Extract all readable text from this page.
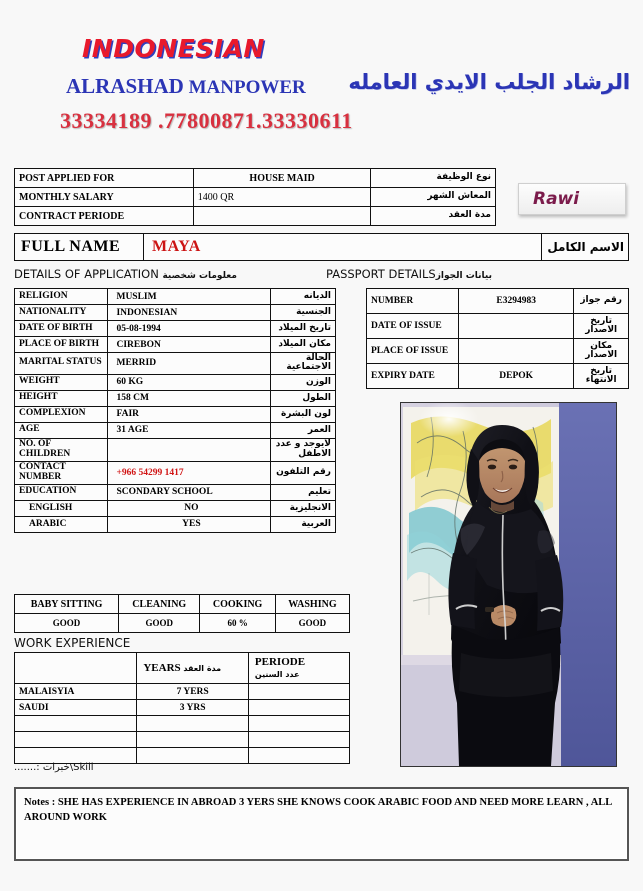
INDONESIAN
ALRASHAD MANPOWER	الرشاد الجلب الايدي العامله
33334189 .77800871.33330611
POST APPLIED FOR	HOUSE MAID	نوع الوظيفة
MONTHLY SALARY	1400 QR	المعاش الشهر
CONTRACT PERIODE		مدة العقد
Rawi
FULL NAME	MAYA	الاسم الكامل
DETAILS OF APPLICATION معلومات شخصية	PASSPORT DETAILSبيانات الجواز
RELIGION	MUSLIM	الديانه
NATIONALITY	INDONESIAN	الجنسية
DATE OF BIRTH	05-08-1994	تاريخ الميلاد
PLACE OF BIRTH	CIREBON	مكان الميلاد
MARITAL STATUS	MERRID	الحالة الاجتماعية
WEIGHT	60 KG	الوزن
HEIGHT	158 CM	الطول
COMPLEXION	FAIR	لون البشرة
AGE	31 AGE	العمر
NO. OF CHILDREN		لايوجد و عدد الاطفل
CONTACT NUMBER	+966 54299 1417	رقم التلفون
EDUCATION	SCONDARY SCHOOL	تعليم
ENGLISH	NO	الانجليزية
ARABIC	YES	العربية
NUMBER	E3294983	رقم جواز
DATE OF ISSUE		تاريخ الاصدار
PLACE OF ISSUE		مكان الاصدار
EXPIRY DATE	DEPOK	تاريخ الانتهاء
BABY SITTING	CLEANING	COOKING	WASHING
GOOD	GOOD	60 %	GOOD
WORK EXPERIENCE
	YEARS مدة العقد	PERIODE عدد السنين
MALAISYIA	7 YERS	
SAUDI	3 YRS	

.......: خبرات\Skill
Notes : SHE HAS EXPERIENCE IN ABROAD 3 YERS SHE KNOWS COOK ARABIC FOOD AND NEED MORE LEARN , ALL AROUND WORK
